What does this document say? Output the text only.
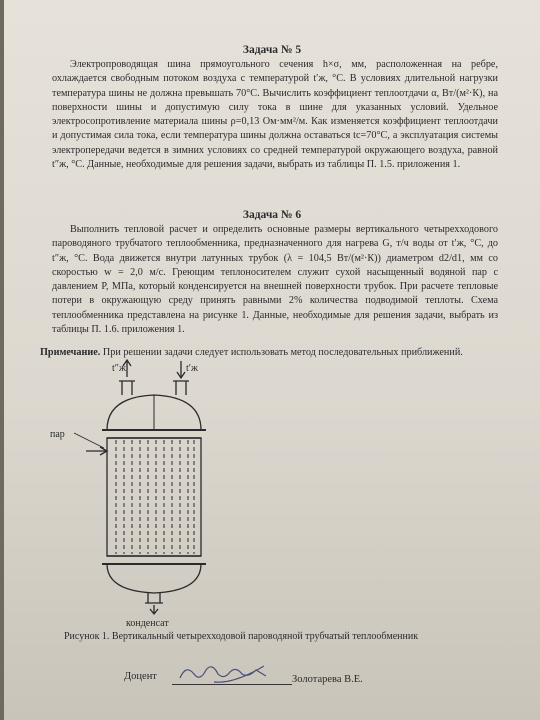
Задача № 5
Электропроводящая шина прямоугольного сечения h×σ, мм, расположенная на ребре, охлаждается свободным потоком воздуха с температурой t′ж, °C. В условиях длительной нагрузки температура шины не должна превышать 70°С. Вычислить коэффициент теплоотдачи α, Вт/(м²·К), на поверхности шины и допустимую силу тока в шине для указанных условий. Удельное электросопротивление материала шины ρ=0,13 Ом·мм²/м. Как изменяется коэффициент теплоотдачи и допустимая сила тока, если температура шины должна оставаться tc=70°С, а эксплуатация системы электропередачи ведется в зимних условиях со средней температурой окружающего воздуха, равной t″ж, °С. Данные, необходимые для решения задачи, выбрать из таблицы П. 1.5. приложения 1.
Задача № 6
Выполнить тепловой расчет и определить основные размеры вертикального четырехходового пароводяного трубчатого теплообменника, предназначенного для нагрева G, т/ч воды от t′ж, °С, до t″ж, °С. Вода движется внутри латунных трубок (λ = 104,5 Вт/(м²·К)) диаметром d2/d1, мм со скоростью w = 2,0 м/с. Греющим теплоносителем служит сухой насыщенный водяной пар с давлением P, МПа, который конденсируется на внешней поверхности трубок. При расчете тепловые потери в окружающую среду принять равными 2% количества подводимой теплоты. Схема теплообменника представлена на рисунке 1. Данные, необходимые для решения задачи, выбрать из таблицы П. 1.6. приложения 1.
Примечание. При решении задачи следует использовать метод последовательных приближений.
t″ж	t′ж
пар
конденсат
Рисунок 1. Вертикальный четырехходовой пароводяной трубчатый теплообменник
Доцент	Золотарева В.Е.
